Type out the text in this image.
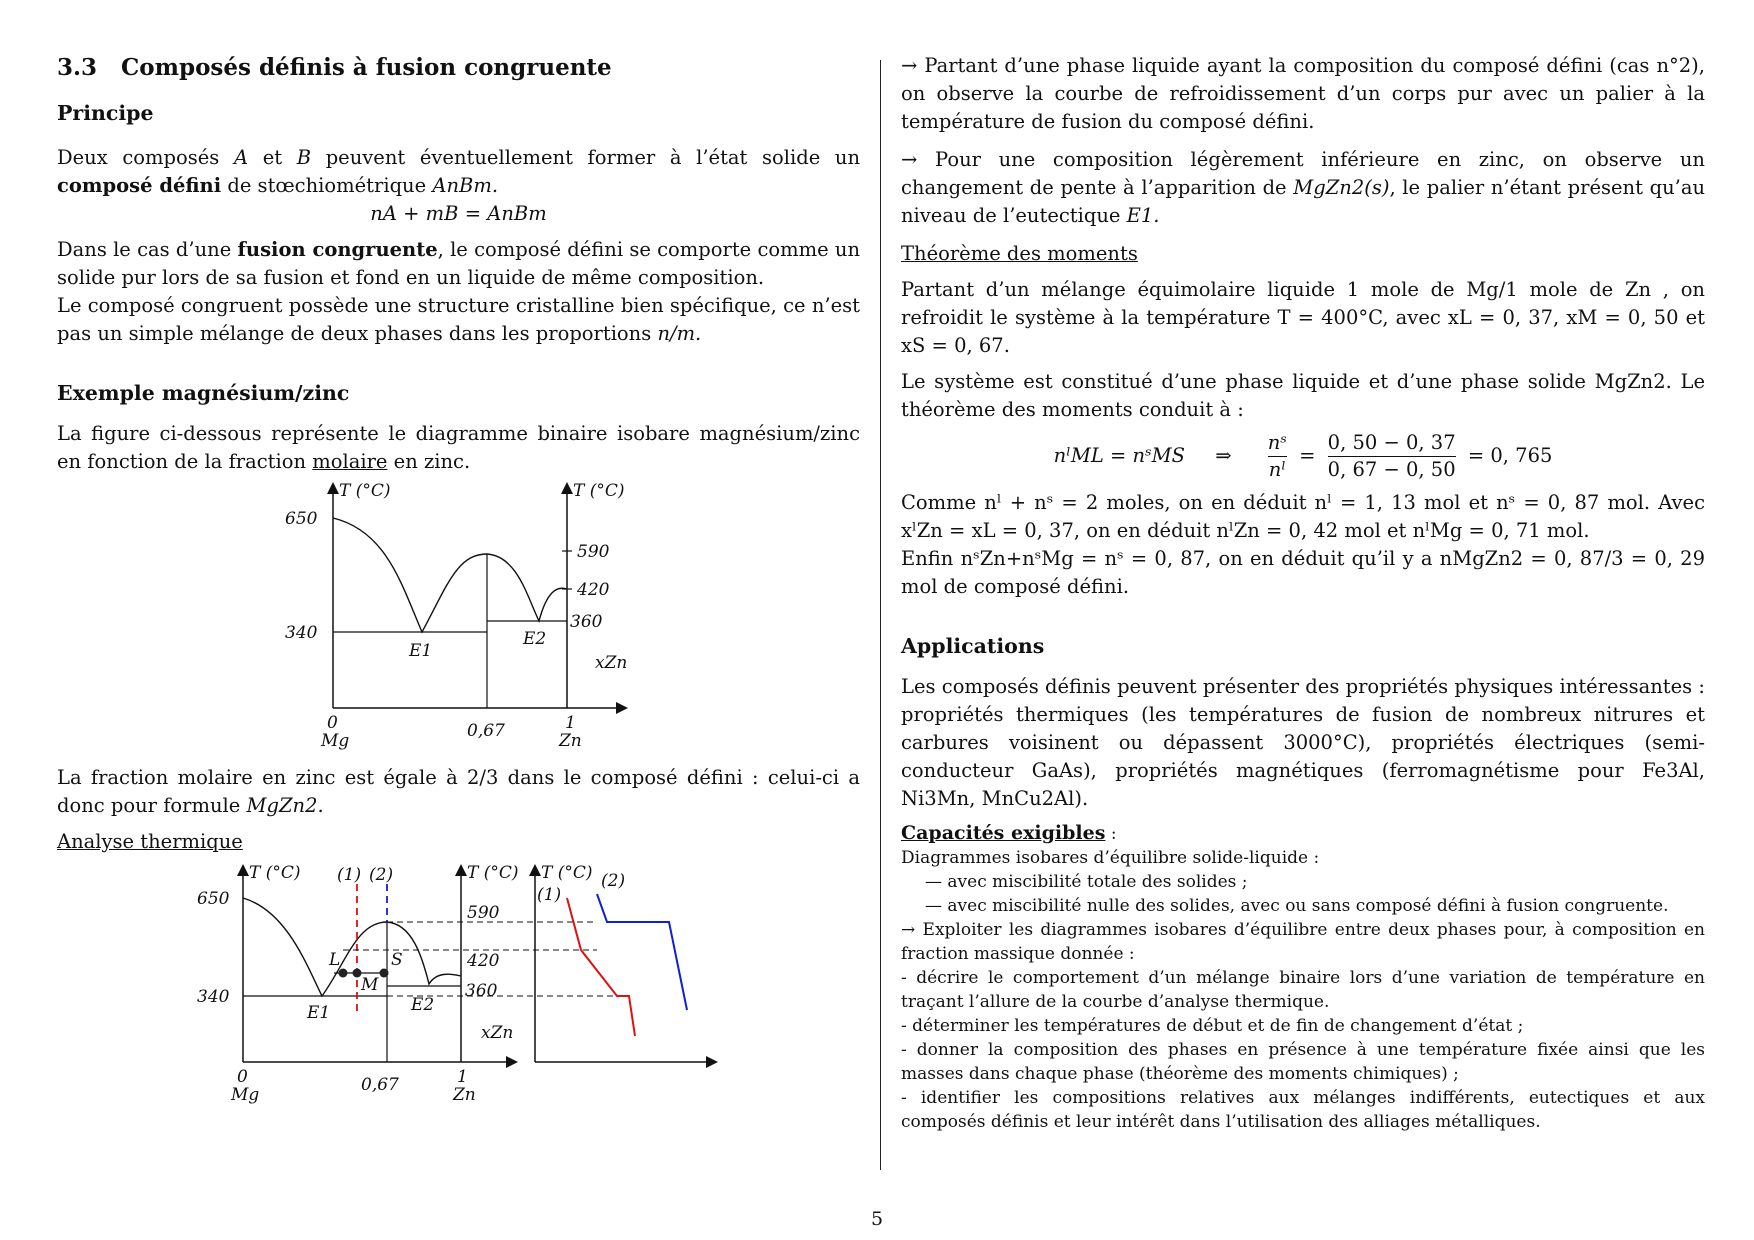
3.3 Composés définis à fusion congruente
Principe

Deux composés A et B peuvent éventuellement former à l’état solide un composé défini de stœchiométrique AnBm.

nA + mB = AnBm

Dans le cas d’une fusion congruente, le composé défini se comporte comme un solide pur lors de sa fusion et fond en un liquide de même composition.

Le composé congruent possède une structure cristalline bien spécifique, ce n’est pas un simple mélange de deux phases dans les proportions n/m.

Exemple magnésium/zinc

La figure ci-dessous représente le diagramme binaire isobare magnésium/zinc en fonction de la fraction molaire en zinc.

T (°C)	T (°C)
650
340
590
420
360
E1
E2
xZn
0
Mg	0,67	1
Zn

La fraction molaire en zinc est égale à 2/3 dans le composé défini : celui-ci a donc pour formule MgZn2.

Analyse thermique

L
M
S
T (°C) (1) (2)	T (°C)
650
340
590
420
360
E1	E2
xZn
0
Mg	0,67	1
Zn
T (°C)
(1)
(2)

→ Partant d’une phase liquide ayant la composition du composé défini (cas n°2), on observe la courbe de refroidissement d’un corps pur avec un palier à la température de fusion du composé défini.

→ Pour une composition légèrement inférieure en zinc, on observe un changement de pente à l’apparition de MgZn2(s), le palier n’étant présent qu’au niveau de l’eutectique E1.

Théorème des moments

Partant d’un mélange équimolaire liquide 1 mole de Mg/1 mole de Zn , on refroidit le système à la température T = 400°C, avec xL = 0, 37, xM = 0, 50 et xS = 0, 67.

Le système est constitué d’une phase liquide et d’une phase solide MgZn2. Le théorème des moments conduit à :

nˡML = nˢMS ⇒ $\frac{\text{nˢ}}{\text{nˡ}} = \frac{0, 50 - 0, 37}{0, 67 - 0, 50} = 0$, 765

Comme nˡ + nˢ = 2 moles, on en déduit nˡ = 1, 13 mol et nˢ = 0, 87 mol. Avec xˡZn = xL = 0, 37, on en déduit nˡZn = 0, 42 mol et nˡMg = 0, 71 mol.

Enfin nˢZn+nˢMg = nˢ = 0, 87, on en déduit qu’il y a nMgZn2 = 0, 87/3 = 0, 29 mol de composé défini.

Applications

Les composés définis peuvent présenter des propriétés physiques intéressantes : propriétés thermiques (les températures de fusion de nombreux nitrures et carbures voisinent ou dépassent 3000°C), propriétés électriques (semi-conducteur GaAs), propriétés magnétiques (ferromagnétisme pour Fe3Al, Ni3Mn, MnCu2Al).

Capacités exigibles :
Diagrammes isobares d’équilibre solide-liquide :
— avec miscibilité totale des solides ;
— avec miscibilité nulle des solides, avec ou sans composé défini à fusion congruente.
→ Exploiter les diagrammes isobares d’équilibre entre deux phases pour, à composition en fraction massique donnée :
- décrire le comportement d’un mélange binaire lors d’une variation de température en traçant l’allure de la courbe d’analyse thermique.
- déterminer les températures de début et de fin de changement d’état ;
- donner la composition des phases en présence à une température fixée ainsi que les masses dans chaque phase (théorème des moments chimiques) ;
- identifier les compositions relatives aux mélanges indifférents, eutectiques et aux composés définis et leur intérêt dans l’utilisation des alliages métalliques.
5
